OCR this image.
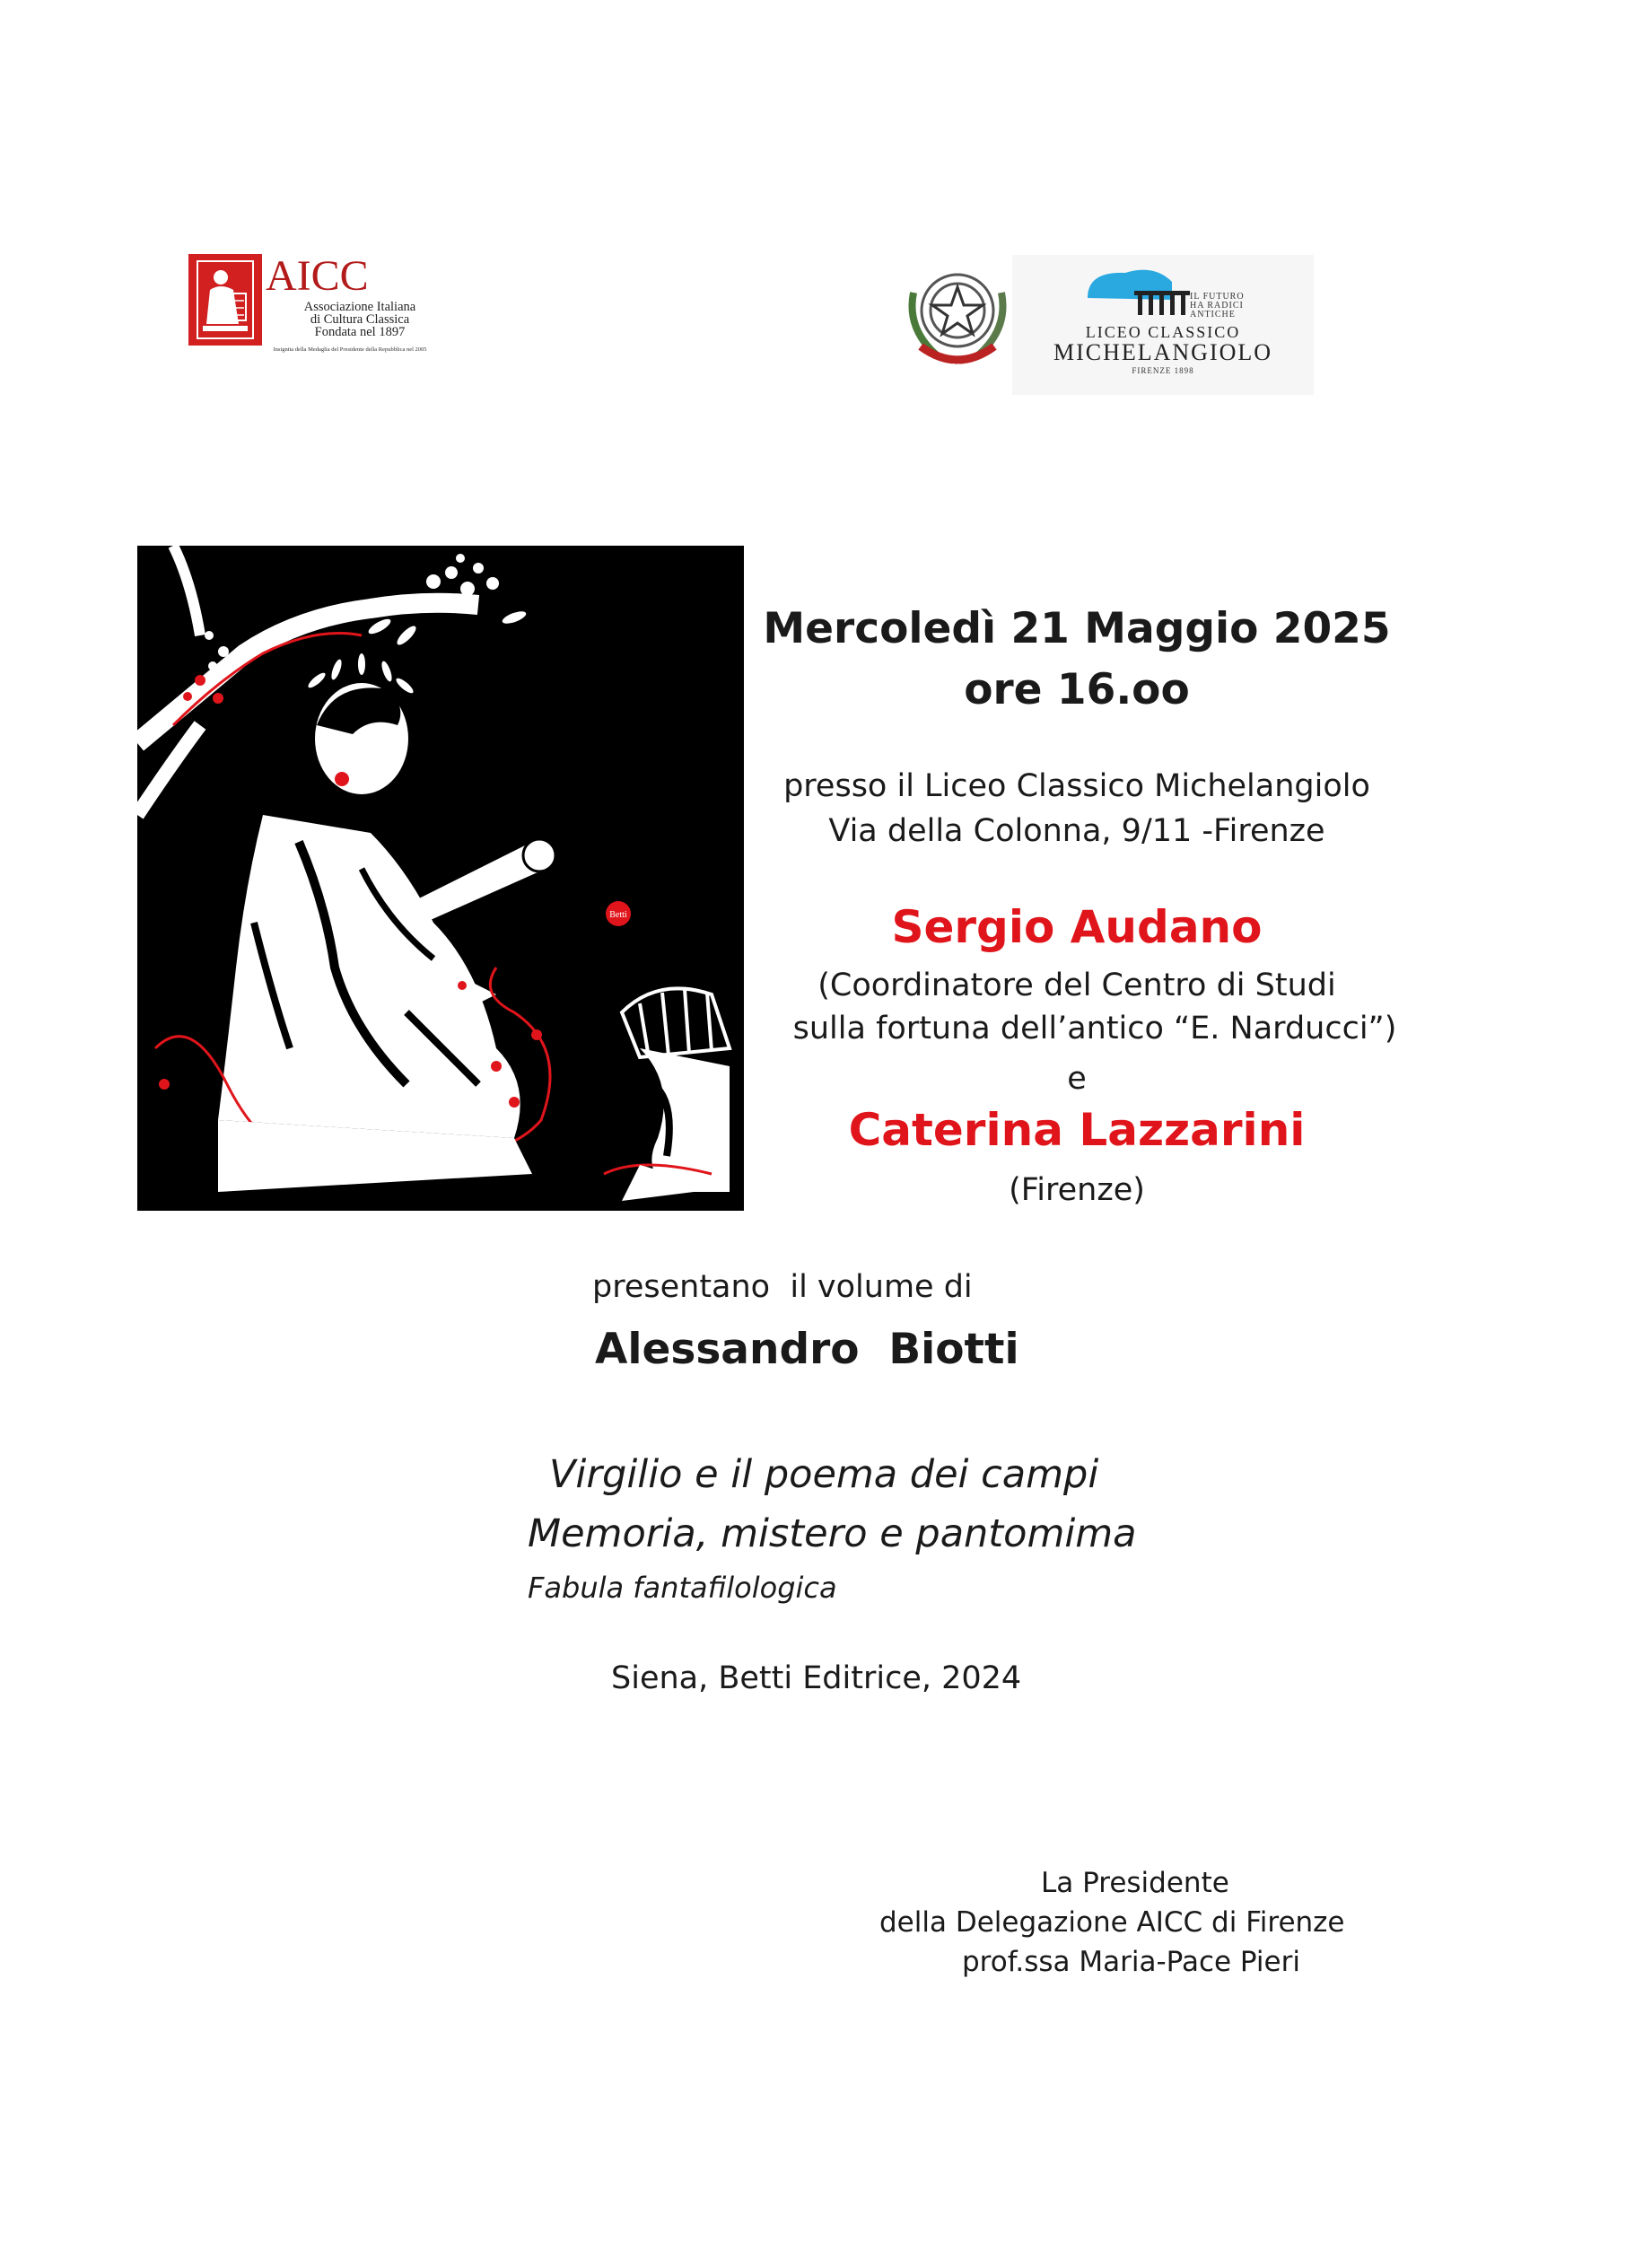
AICC
Associazione Italiana
di Cultura Classica
Fondata nel 1897
Insignita della Medaglia del Presidente della Repubblica nel 2005
IL FUTURO
HA RADICI
ANTICHE
LICEO CLASSICO
MICHELANGIOLO
FIRENZE 1898
Betti
Mercoledì 21 Maggio 2025
ore 16.oo
presso il Liceo Classico Michelangiolo
Via della Colonna, 9/11 -Firenze
Sergio Audano
(Coordinatore del Centro di Studi
sulla fortuna dell’antico “E. Narducci”)
e
Caterina Lazzarini
(Firenze)
presentano  il volume di
Alessandro  Biotti
Virgilio e il poema dei campi
Memoria, mistero e pantomima
Fabula fantafilologica
Siena, Betti Editrice, 2024
La Presidente
della Delegazione AICC di Firenze
prof.ssa Maria-Pace Pieri
REPUBBLICA ITALIANA
